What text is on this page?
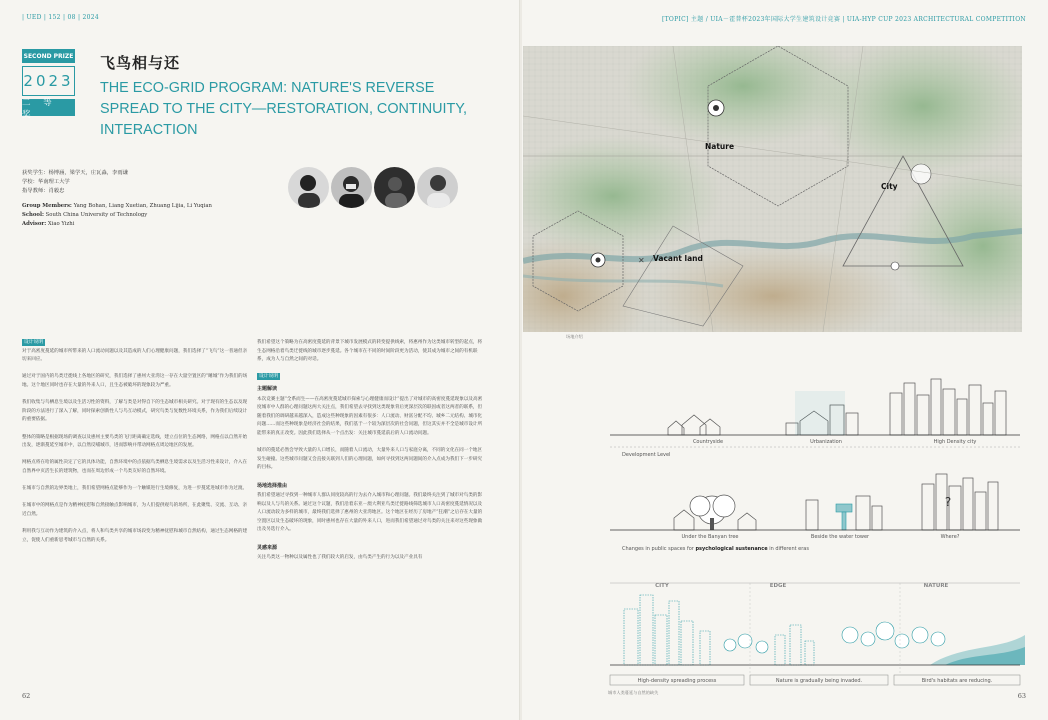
| UED | 152 | 08 | 2024
SECOND PRIZE
2023
二 等 奖
飞鸟相与还
THE ECO-GRID PROGRAM: NATURE'S REVERSE
SPREAD TO THE CITY—RESTORATION, CONTINUITY,
INTERACTION
获奖学生：杨博涵，梁学天，庄瓦淼，李雨谦
学校：华南理工大学
指导教师：肖毅忠
Group Members: Yang Bohan, Liang Xuetian, Zhuang Lijia, Li Yuqian
School: South China University of Technology
Advisor: Xiao Yizhi
设计说明

对于高密度蔓延的城市所带来的人口流动问题以及其造成的人们心理健康问题，我们选择了“飞鸟”这一普通但亲切来回应。

通过对于国内的鸟类迁徙线上各地区的研究，我们选择了惠州大亚湾这一存在大量空置区的“睡城”作为我们的场地。这个地区同时也存在大量的外来人口，且生态被破坏的现象较为严重。

我们收集与鸟栖息生境以及生活习性的资料，了解与类是对得自下的生态城市相关研究。对于现有的生态以及现阶段的方法进行了深入了解，同时探索创新性人与鸟互动模式，研究鸟类与复数性环境关系，作为我们后续设计的重要依据。

整体的策略是根据现场的调查以及惠州主要鸟类的飞行距离确定选线，建立点位的生态网络，网格点以自然开始出发，逐渐蔓延至城市中，以自然反哺城市，进而影响并带动网格点周边地区的发展。

网格点将在哈的属性决定了它的具体功能，自然环境中的点依据鸟类栖息生境需求以及生活习性来设计，介入在自然界中页活生长的建筑物，也而在周边形成一个鸟类友好的自然环境。

在城市与自然的边界类地上，我们希望网格点能够作为一个触媒进行生境修复，为进一步蔓延进城市作为过渡。

在城市中的网格点是作为精神抚慰和自然接触点影响城市，为人们提供观鸟的场所，在此聚集、交流、互动、亲近自然。

利用我与互动作为建筑的介入点，将人和鸟类共享的城市场段变为精神抚慰和城市自然结构，通过生态网格的建立，促使人们重新思考城市与自然的关系。

我们希望这个策略为在高密度蔓延的背景下城市发展模式的转变提供线索，将惠州作为这类城市转型的起点，将生态网格沿着鸟类迁徙线的城市逐步蔓延。各个城市在不同的时间阶段更为活动，使其成为城市之间的有机联系，成为人与自然之间的对话。

设计说明
主题解读

本次竞赛主题“全系而生——在高密度蔓延城市探索与心理健康而设计”提出了对城市的高密度蔓延现象以及高密度城市中人群的心理问题这两大关注点，我们希望去寻找到这类现象背后更深层次的联因或者这两者的联系，但随着我们的调研越来越深入，造成这些种现象的因素有很多：人口流动、财富分配不均、城乡二元结构、城市化问题……而这些种现象是经济社会的结果，我们基于一个较为深层次的社会问题，但这其实并不全是城市设计所能带来的真正改变。因此我们选择从一个点出发：关注城市蔓延前后的人口流动问题。

城市的蔓延必然会导致大量的人口增长，而随着人口流动，大量外来人口与家庭分离，不同的文化在同一个地区发生碰撞。这些城市问题又会直接关联到人们的心理问题，如何寻找到这两问题间的介入点成为我们下一步研究的目标。

场地选择推由

我们希望通过寻找到一种城市人群认同度较高的行为去介入城市和心理问题。我们最终关注到了城市对鸟类的影响以及人与鸟的关系。通过这个议题，我们沿着东亚－澳大利亚鸟类迁徙路线筛选城市人口高密度蔓延情况以及人口流动较为多样的城市，最终我们选择了惠州的大亚湾地区。这个地区在经历了房地产“狂潮”之后存在大量的空置区以及生态破坏的现象，同时惠州也存在大量的外来人口，进而我们希望通过对鸟类的关注来对这些现象做出及另选行介入。

灵感来源

关注鸟类这一物种以及属性也了我们较大的启发，由鸟类产生的行为以及产业具有

62
[TOPIC] 主题 / UIA－霍普杯2023年国际大学生建筑设计竞赛 | UIA-HYP CUP 2023 ARCHITECTURAL COMPETITION
63
✕
Nature
City
Vacant land
场地介绍
Countryside	Urbanization	High Density city
Development Level
?
Under the Banyan tree	Beside the water tower	Where?
Changes in public spaces for psychological sustenance in different eras
CITY	EDGE	NATURE
High-density spreading process	Nature is gradually being invaded.	Bird's habitats are reducing.
城市人类蔓延与自然的缺失
